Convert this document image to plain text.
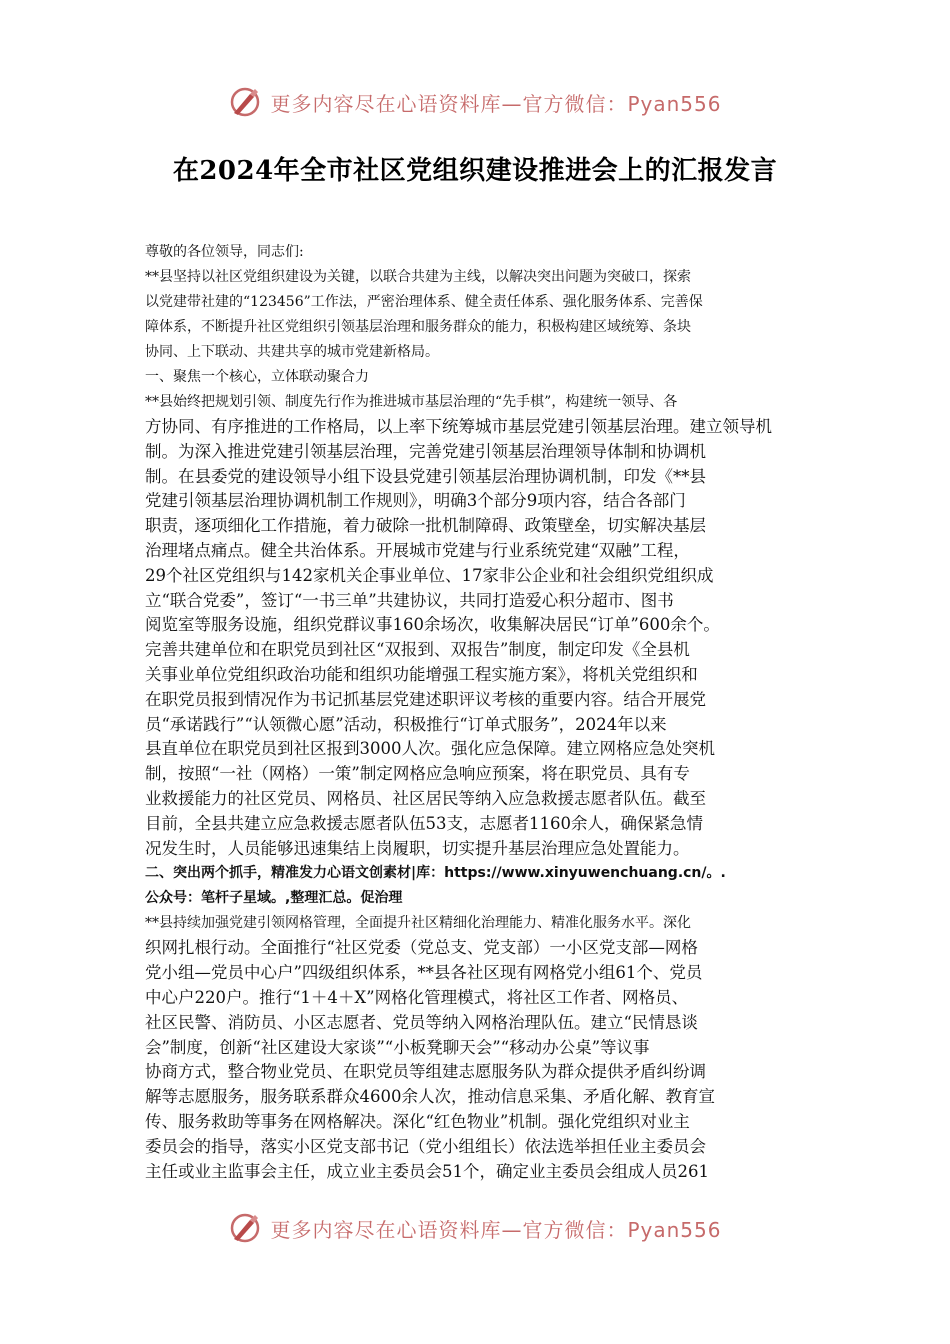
更多内容尽在心语资料库—官方微信：Pyan556
在2024年全市社区党组织建设推进会上的汇报发言
尊敬的各位领导，同志们:
**县坚持以社区党组织建设为关键，以联合共建为主线，以解决突出问题为突破口，探索
以党建带社建的“123456”工作法，严密治理体系、健全责任体系、强化服务体系、完善保
障体系，不断提升社区党组织引领基层治理和服务群众的能力，积极构建区域统筹、条块
协同、上下联动、共建共享的城市党建新格局。
一、聚焦一个核心，立体联动聚合力
**县始终把规划引领、制度先行作为推进城市基层治理的“先手棋”，构建统一领导、各
方协同、有序推进的工作格局，以上率下统筹城市基层党建引领基层治理。建立领导机
制。为深入推进党建引领基层治理，完善党建引领基层治理领导体制和协调机
制。在县委党的建设领导小组下设县党建引领基层治理协调机制，印发《**县
党建引领基层治理协调机制工作规则》，明确3个部分9项内容，结合各部门
职责，逐项细化工作措施，着力破除一批机制障碍、政策壁垒，切实解决基层
治理堵点痛点。健全共治体系。开展城市党建与行业系统党建“双融”工程，
29个社区党组织与142家机关企事业单位、17家非公企业和社会组织党组织成
立“联合党委”，签订“一书三单”共建协议，共同打造爱心积分超市、图书
阅览室等服务设施，组织党群议事160余场次，收集解决居民“订单”600余个。
完善共建单位和在职党员到社区“双报到、双报告”制度，制定印发《全县机
关事业单位党组织政治功能和组织功能增强工程实施方案》，将机关党组织和
在职党员报到情况作为书记抓基层党建述职评议考核的重要内容。结合开展党
员“承诺践行”“认领微心愿”活动，积极推行“订单式服务”，2024年以来
县直单位在职党员到社区报到3000人次。强化应急保障。建立网格应急处突机
制，按照“一社（网格）一策”制定网格应急响应预案，将在职党员、具有专
业救援能力的社区党员、网格员、社区居民等纳入应急救援志愿者队伍。截至
目前，全县共建立应急救援志愿者队伍53支，志愿者1160余人，确保紧急情
况发生时，人员能够迅速集结上岗履职，切实提升基层治理应急处置能力。
二、突出两个抓手，精准发力心语文创素材|库：https://www.xinyuwenchuang.cn/。.
公众号：笔杆子星域。,整理汇总。促治理
**县持续加强党建引领网格管理，全面提升社区精细化治理能力、精准化服务水平。深化
织网扎根行动。全面推行“社区党委（党总支、党支部）一小区党支部—网格
党小组—党员中心户”四级组织体系，**县各社区现有网格党小组61个、党员
中心户220户。推行“1＋4＋X”网格化管理模式，将社区工作者、网格员、
社区民警、消防员、小区志愿者、党员等纳入网格治理队伍。建立“民情恳谈
会”制度，创新“社区建设大家谈”“小板凳聊天会”“移动办公桌”等议事
协商方式，整合物业党员、在职党员等组建志愿服务队为群众提供矛盾纠纷调
解等志愿服务，服务联系群众4600余人次，推动信息采集、矛盾化解、教育宣
传、服务救助等事务在网格解决。深化“红色物业”机制。强化党组织对业主
委员会的指导，落实小区党支部书记（党小组组长）依法选举担任业主委员会
主任或业主监事会主任，成立业主委员会51个，确定业主委员会组成人员261
更多内容尽在心语资料库—官方微信：Pyan556
